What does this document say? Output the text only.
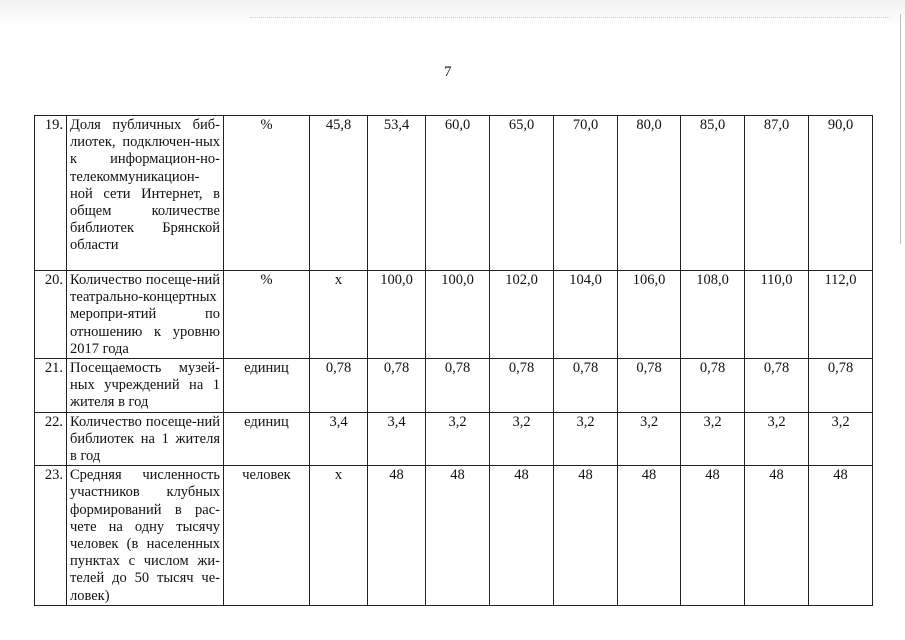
7
19.	Доля публичных биб-лиотек, подключен-ных к информацион-но-телекоммуникацион-ной сети Интернет, в общем количестве библиотек Брянской области	%	45,8	53,4	60,0	65,0	70,0	80,0	85,0	87,0	90,0
20.	Количество посеще-ний театрально-концертных меропри-ятий по отношению к уровню 2017 года	%	x	100,0	100,0	102,0	104,0	106,0	108,0	110,0	112,0
21.	Посещаемость музей-ных учреждений на 1 жителя в год	единиц	0,78	0,78	0,78	0,78	0,78	0,78	0,78	0,78	0,78
22.	Количество посеще-ний библиотек на 1 жителя в год	единиц	3,4	3,4	3,2	3,2	3,2	3,2	3,2	3,2	3,2
23.	Средняя численность участников клубных формирований в рас-чете на одну тысячу человек (в населенных пунктах с числом жи-телей до 50 тысяч че-ловек)	человек	x	48	48	48	48	48	48	48	48
